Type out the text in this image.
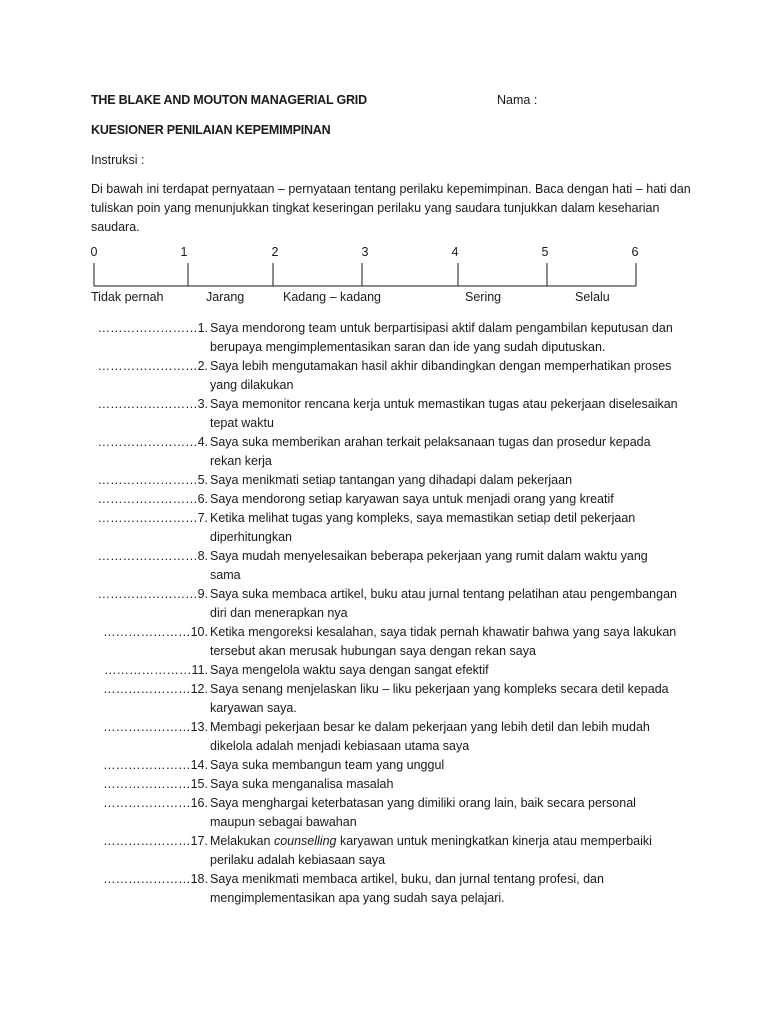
THE BLAKE AND MOUTON MANAGERIAL GRID	Nama :
KUESIONER PENILAIAN KEPEMIMPINAN
Instruksi :
Di bawah ini terdapat pernyataan – pernyataan tentang perilaku kepemimpinan. Baca dengan hati – hati dan tuliskan poin yang menunjukkan tingkat keseringan perilaku yang saudara tunjukkan dalam keseharian saudara.
0	1	2	3	4	5	6
Tidak pernah	Jarang	Kadang – kadang	Sering	Selalu
……………………1. Saya mendorong team untuk berpartisipasi aktif dalam pengambilan keputusan dan berupaya mengimplementasikan saran dan ide yang sudah diputuskan.
……………………2. Saya lebih mengutamakan hasil akhir dibandingkan dengan memperhatikan proses yang dilakukan
……………………3. Saya memonitor rencana kerja untuk memastikan tugas atau pekerjaan diselesaikan tepat waktu
……………………4. Saya suka memberikan arahan terkait pelaksanaan tugas dan prosedur kepada rekan kerja
……………………5. Saya menikmati setiap tantangan yang dihadapi dalam pekerjaan
……………………6. Saya mendorong setiap karyawan saya untuk menjadi orang yang kreatif
……………………7. Ketika melihat tugas yang kompleks, saya memastikan setiap detil pekerjaan diperhitungkan
……………………8. Saya mudah menyelesaikan beberapa pekerjaan yang rumit dalam waktu yang sama
……………………9. Saya suka membaca artikel, buku atau jurnal tentang pelatihan atau pengembangan diri dan menerapkan nya
…………………10. Ketika mengoreksi kesalahan, saya tidak pernah khawatir bahwa yang saya lakukan tersebut akan merusak hubungan saya dengan rekan saya
…………………11. Saya mengelola waktu saya dengan sangat efektif
…………………12. Saya senang menjelaskan liku – liku pekerjaan yang kompleks secara detil kepada karyawan saya.
…………………13. Membagi pekerjaan besar ke dalam pekerjaan yang lebih detil dan lebih mudah dikelola adalah menjadi kebiasaan utama saya
…………………14. Saya suka membangun team yang unggul
…………………15. Saya suka menganalisa masalah
…………………16. Saya menghargai keterbatasan yang dimiliki orang lain, baik secara personal maupun sebagai bawahan
…………………17. Melakukan counselling karyawan untuk meningkatkan kinerja atau memperbaiki perilaku adalah kebiasaan saya
…………………18. Saya menikmati membaca artikel, buku, dan jurnal tentang profesi, dan mengimplementasikan apa yang sudah saya pelajari.
